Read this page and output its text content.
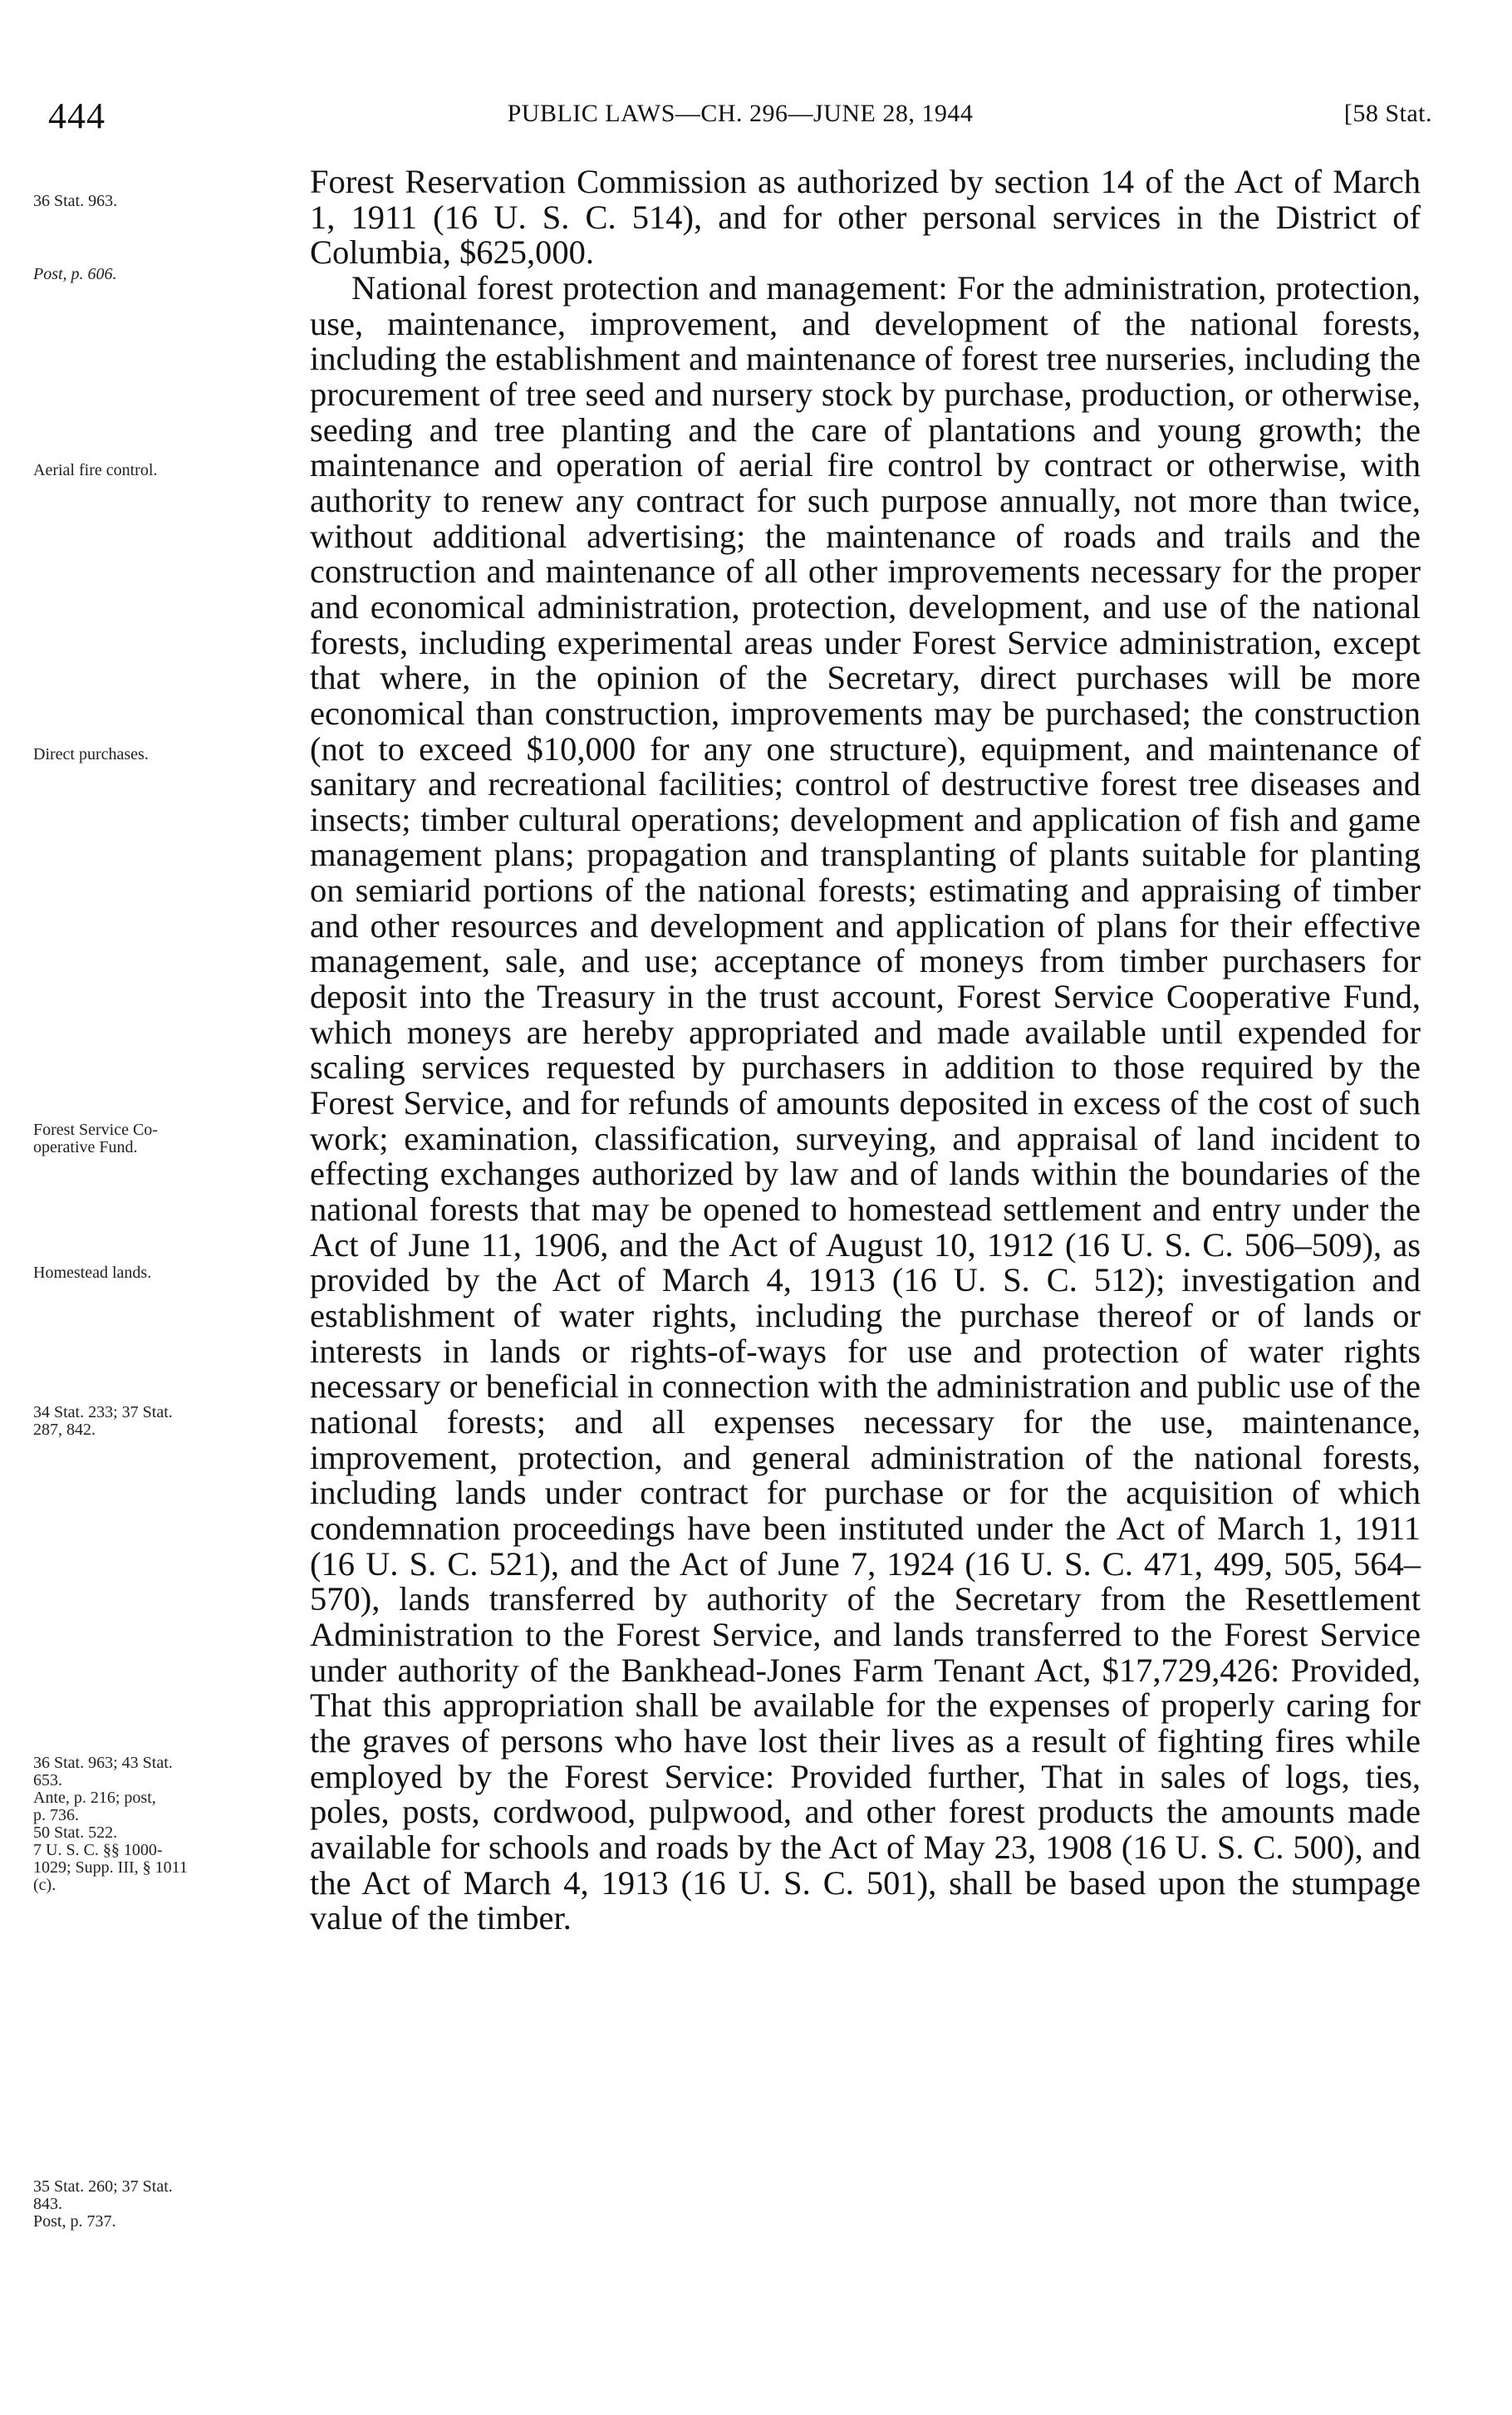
444	PUBLIC LAWS—CH. 296—JUNE 28, 1944	[58 Stat.
36 Stat. 963.
Post, p. 606.
Aerial fire control.
Direct purchases.
Forest Service Co-
operative Fund.
Homestead lands.
34 Stat. 233; 37 Stat.
287, 842.
36 Stat. 963; 43 Stat.
653.
Ante, p. 216; post,
p. 736.
50 Stat. 522.
7 U. S. C. §§ 1000-
1029; Supp. III, § 1011
(c).
35 Stat. 260; 37 Stat.
843.
Post, p. 737.

Forest Reservation Commission as authorized by section 14 of the Act of March 1, 1911 (16 U. S. C. 514), and for other personal services in the District of Columbia, $625,000.

National forest protection and management: For the administration, protection, use, maintenance, improvement, and development of the national forests, including the establishment and maintenance of forest tree nurseries, including the procurement of tree seed and nursery stock by purchase, production, or otherwise, seeding and tree planting and the care of plantations and young growth; the maintenance and operation of aerial fire control by contract or otherwise, with authority to renew any contract for such purpose annually, not more than twice, without additional advertising; the maintenance of roads and trails and the construction and maintenance of all other improvements necessary for the proper and economical administration, protection, development, and use of the national forests, including experimental areas under Forest Service administration, except that where, in the opinion of the Secretary, direct purchases will be more economical than construction, improvements may be purchased; the construction (not to exceed $10,000 for any one structure), equipment, and maintenance of sanitary and recreational facilities; control of destructive forest tree diseases and insects; timber cultural operations; development and application of fish and game management plans; propagation and transplanting of plants suitable for planting on semiarid portions of the national forests; estimating and appraising of timber and other resources and development and application of plans for their effective management, sale, and use; acceptance of moneys from timber purchasers for deposit into the Treasury in the trust account, Forest Service Cooperative Fund, which moneys are hereby appropriated and made available until expended for scaling services requested by purchasers in addition to those required by the Forest Service, and for refunds of amounts deposited in excess of the cost of such work; examination, classification, surveying, and appraisal of land incident to effecting exchanges authorized by law and of lands within the boundaries of the national forests that may be opened to homestead settlement and entry under the Act of June 11, 1906, and the Act of August 10, 1912 (16 U. S. C. 506–509), as provided by the Act of March 4, 1913 (16 U. S. C. 512); investigation and establishment of water rights, including the purchase thereof or of lands or interests in lands or rights-of-ways for use and protection of water rights necessary or beneficial in connection with the administration and public use of the national forests; and all expenses necessary for the use, maintenance, improvement, protection, and general administration of the national forests, including lands under contract for purchase or for the acquisition of which condemnation proceedings have been instituted under the Act of March 1, 1911 (16 U. S. C. 521), and the Act of June 7, 1924 (16 U. S. C. 471, 499, 505, 564–570), lands transferred by authority of the Secretary from the Resettlement Administration to the Forest Service, and lands transferred to the Forest Service under authority of the Bankhead-Jones Farm Tenant Act, $17,729,426: Provided, That this appropriation shall be available for the expenses of properly caring for the graves of persons who have lost their lives as a result of fighting fires while employed by the Forest Service: Provided further, That in sales of logs, ties, poles, posts, cordwood, pulpwood, and other forest products the amounts made available for schools and roads by the Act of May 23, 1908 (16 U. S. C. 500), and the Act of March 4, 1913 (16 U. S. C. 501), shall be based upon the stumpage value of the timber.
